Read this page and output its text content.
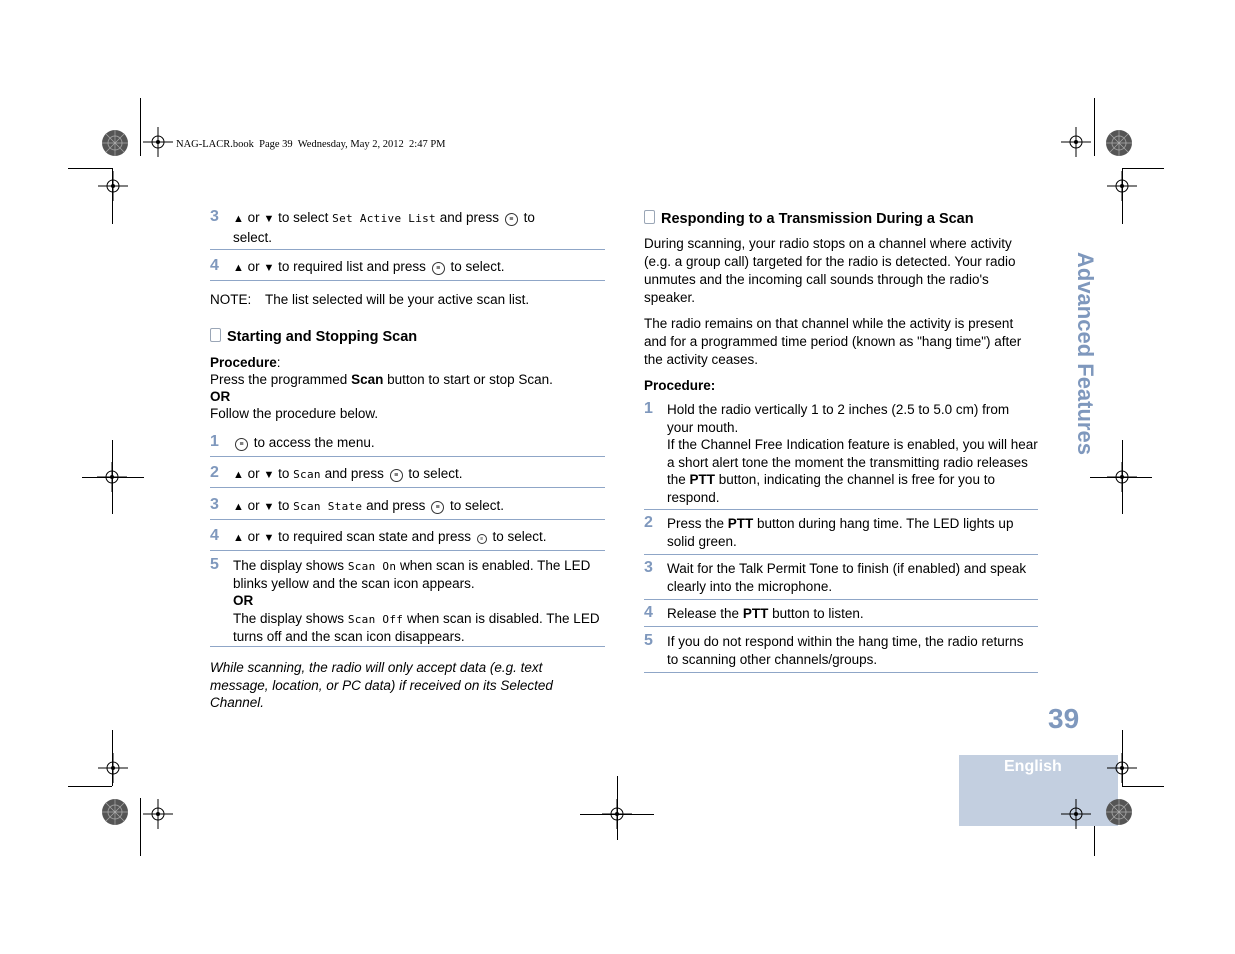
NAG-LACR.book  Page 39  Wednesday, May 2, 2012  2:47 PM
Advanced Features
39
English
3 ▲ or ▼ to select Set Active List and press ≡ to
select.
4 ▲ or ▼ to required list and press ≡ to select.
NOTE: The list selected will be your active scan list.
Starting and Stopping Scan
Procedure:
Press the programmed Scan button to start or stop Scan.
OR
Follow the procedure below.
1	≡ to access the menu.
2 ▲ or ▼ to Scan and press ≡ to select.
3 ▲ or ▼ to Scan State and press ≡ to select.
4 ▲ or ▼ to required scan state and press ≡ to select.
5 The display shows Scan On when scan is enabled. The LED blinks yellow and the scan icon appears.
OR
The display shows Scan Off when scan is disabled. The LED turns off and the scan icon disappears.
While scanning, the radio will only accept data (e.g. text message, location, or PC data) if received on its Selected Channel.
Responding to a Transmission During a Scan
During scanning, your radio stops on a channel where activity (e.g. a group call) targeted for the radio is detected. Your radio unmutes and the incoming call sounds through the radio's speaker.
The radio remains on that channel while the activity is present and for a programmed time period (known as "hang time") after the activity ceases.
Procedure:
1 Hold the radio vertically 1 to 2 inches (2.5 to 5.0 cm) from your mouth.
If the Channel Free Indication feature is enabled, you will hear a short alert tone the moment the transmitting radio releases the PTT button, indicating the channel is free for you to respond.
2 Press the PTT button during hang time. The LED lights up solid green.
3 Wait for the Talk Permit Tone to finish (if enabled) and speak clearly into the microphone.
4 Release the PTT button to listen.
5 If you do not respond within the hang time, the radio returns to scanning other channels/groups.
